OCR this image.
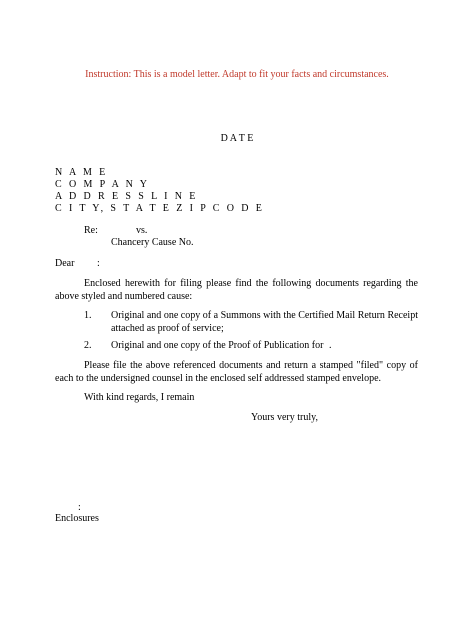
Instruction: This is a model letter. Adapt to fit your facts and circumstances.
D A T E
N A M E
C O M P A N Y
A D D R E S S L I N E
C I T Y, S T A T E Z I P C O D E
Re:	vs.
Chancery Cause No.
Dear :
Enclosed herewith for filing please find the following documents regarding the above styled and numbered cause:
1. Original and one copy of a Summons with the Certified Mail Return Receipt attached as proof of service;
2. Original and one copy of the Proof of Publication for .
Please file the above referenced documents and return a stamped "filed" copy of each to the undersigned counsel in the enclosed self addressed stamped envelope.
With kind regards, I remain
Yours very truly,
:
Enclosures
